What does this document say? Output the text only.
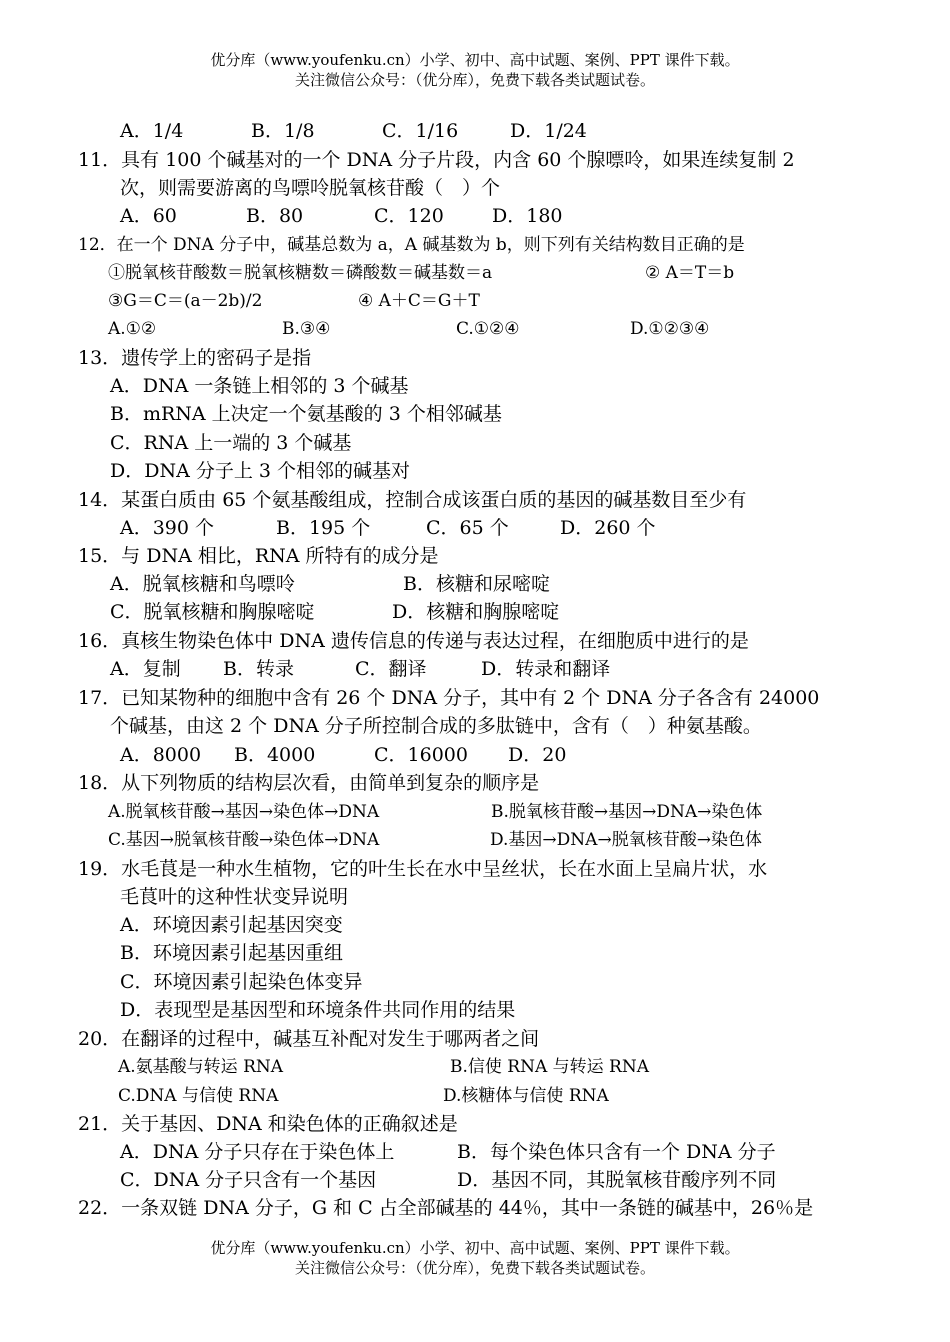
优分库（www.youfenku.cn）小学、初中、高中试题、案例、PPT 课件下载。
关注微信公众号：（优分库），免费下载各类试题试卷。
A．1/4	B．1/8	C．1/16	D．1/24
11．具有 100 个碱基对的一个 DNA 分子片段，内含 60 个腺嘌呤，如果连续复制 2
次，则需要游离的鸟嘌呤脱氧核苷酸（　）个
A．60	B．80	C．120	D．180
12．在一个 DNA 分子中，碱基总数为 a，A 碱基数为 b，则下列有关结构数目正确的是
①脱氧核苷酸数＝脱氧核糖数＝磷酸数＝碱基数＝a	② A＝T＝b
③G＝C＝(a－2b)/2	④ A＋C＝G＋T
A.①②	B.③④	C.①②④	D.①②③④
13．遗传学上的密码子是指
A．DNA 一条链上相邻的 3 个碱基
B．mRNA 上决定一个氨基酸的 3 个相邻碱基
C．RNA 上一端的 3 个碱基
D．DNA 分子上 3 个相邻的碱基对
14．某蛋白质由 65 个氨基酸组成，控制合成该蛋白质的基因的碱基数目至少有
A．390 个	B．195 个	C．65 个	D．260 个
15．与 DNA 相比，RNA 所特有的成分是
A．脱氧核糖和鸟嘌呤	B．核糖和尿嘧啶
C．脱氧核糖和胸腺嘧啶	D．核糖和胸腺嘧啶
16．真核生物染色体中 DNA 遗传信息的传递与表达过程，在细胞质中进行的是
A．复制 B．转录	C．翻译	D．转录和翻译
17．已知某物种的细胞中含有 26 个 DNA 分子，其中有 2 个 DNA 分子各含有 24000
个碱基，由这 2 个 DNA 分子所控制合成的多肽链中，含有（　）种氨基酸。
A．8000 B．4000	C．16000 D．20
18．从下列物质的结构层次看，由简单到复杂的顺序是
A.脱氧核苷酸→基因→染色体→DNA	B.脱氧核苷酸→基因→DNA→染色体
C.基因→脱氧核苷酸→染色体→DNA	D.基因→DNA→脱氧核苷酸→染色体
19．水毛茛是一种水生植物，它的叶生长在水中呈丝状，长在水面上呈扁片状，水
毛茛叶的这种性状变异说明
A．环境因素引起基因突变
B．环境因素引起基因重组
C．环境因素引起染色体变异
D．表现型是基因型和环境条件共同作用的结果
20．在翻译的过程中，碱基互补配对发生于哪两者之间
A.氨基酸与转运 RNA	B.信使 RNA 与转运 RNA
C.DNA 与信使 RNA	D.核糖体与信使 RNA
21．关于基因、DNA 和染色体的正确叙述是
A．DNA 分子只存在于染色体上	B．每个染色体只含有一个 DNA 分子
C．DNA 分子只含有一个基因	D．基因不同，其脱氧核苷酸序列不同
22．一条双链 DNA 分子，G 和 C 占全部碱基的 44％，其中一条链的碱基中，26％是
优分库（www.youfenku.cn）小学、初中、高中试题、案例、PPT 课件下载。
关注微信公众号：（优分库），免费下载各类试题试卷。
